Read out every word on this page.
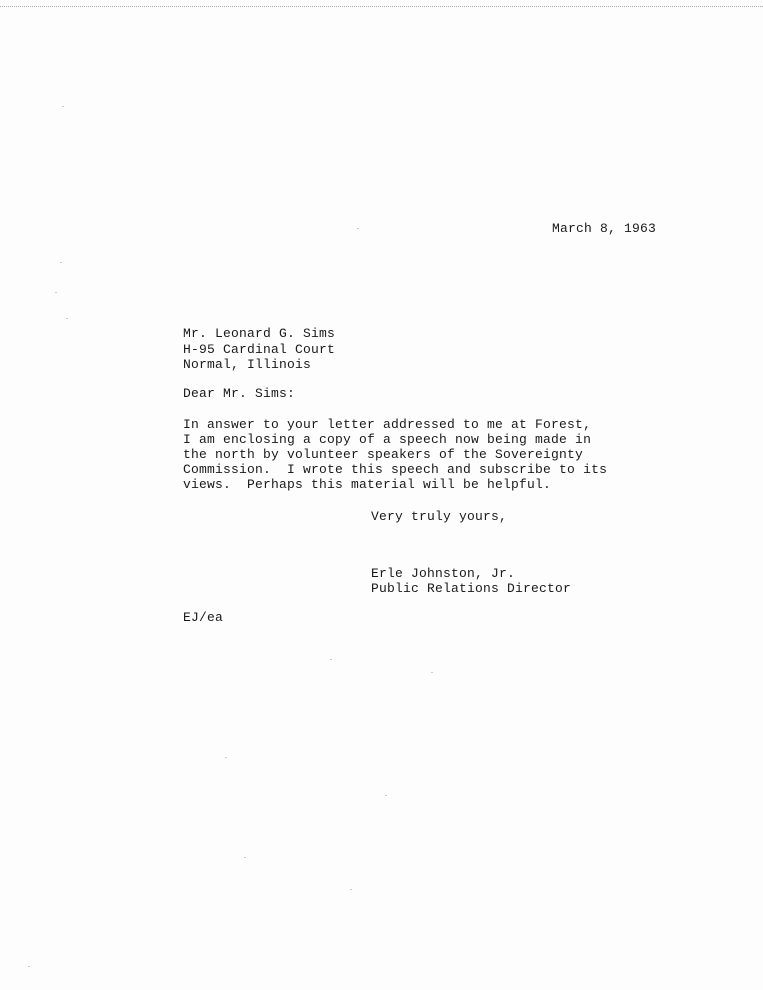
March 8, 1963
Mr. Leonard G. Sims
H-95 Cardinal Court
Normal, Illinois
Dear Mr. Sims:
In answer to your letter addressed to me at Forest,
I am enclosing a copy of a speech now being made in
the north by volunteer speakers of the Sovereignty
Commission.  I wrote this speech and subscribe to its
views.  Perhaps this material will be helpful.
Very truly yours,
Erle Johnston, Jr.
Public Relations Director
EJ/ea
